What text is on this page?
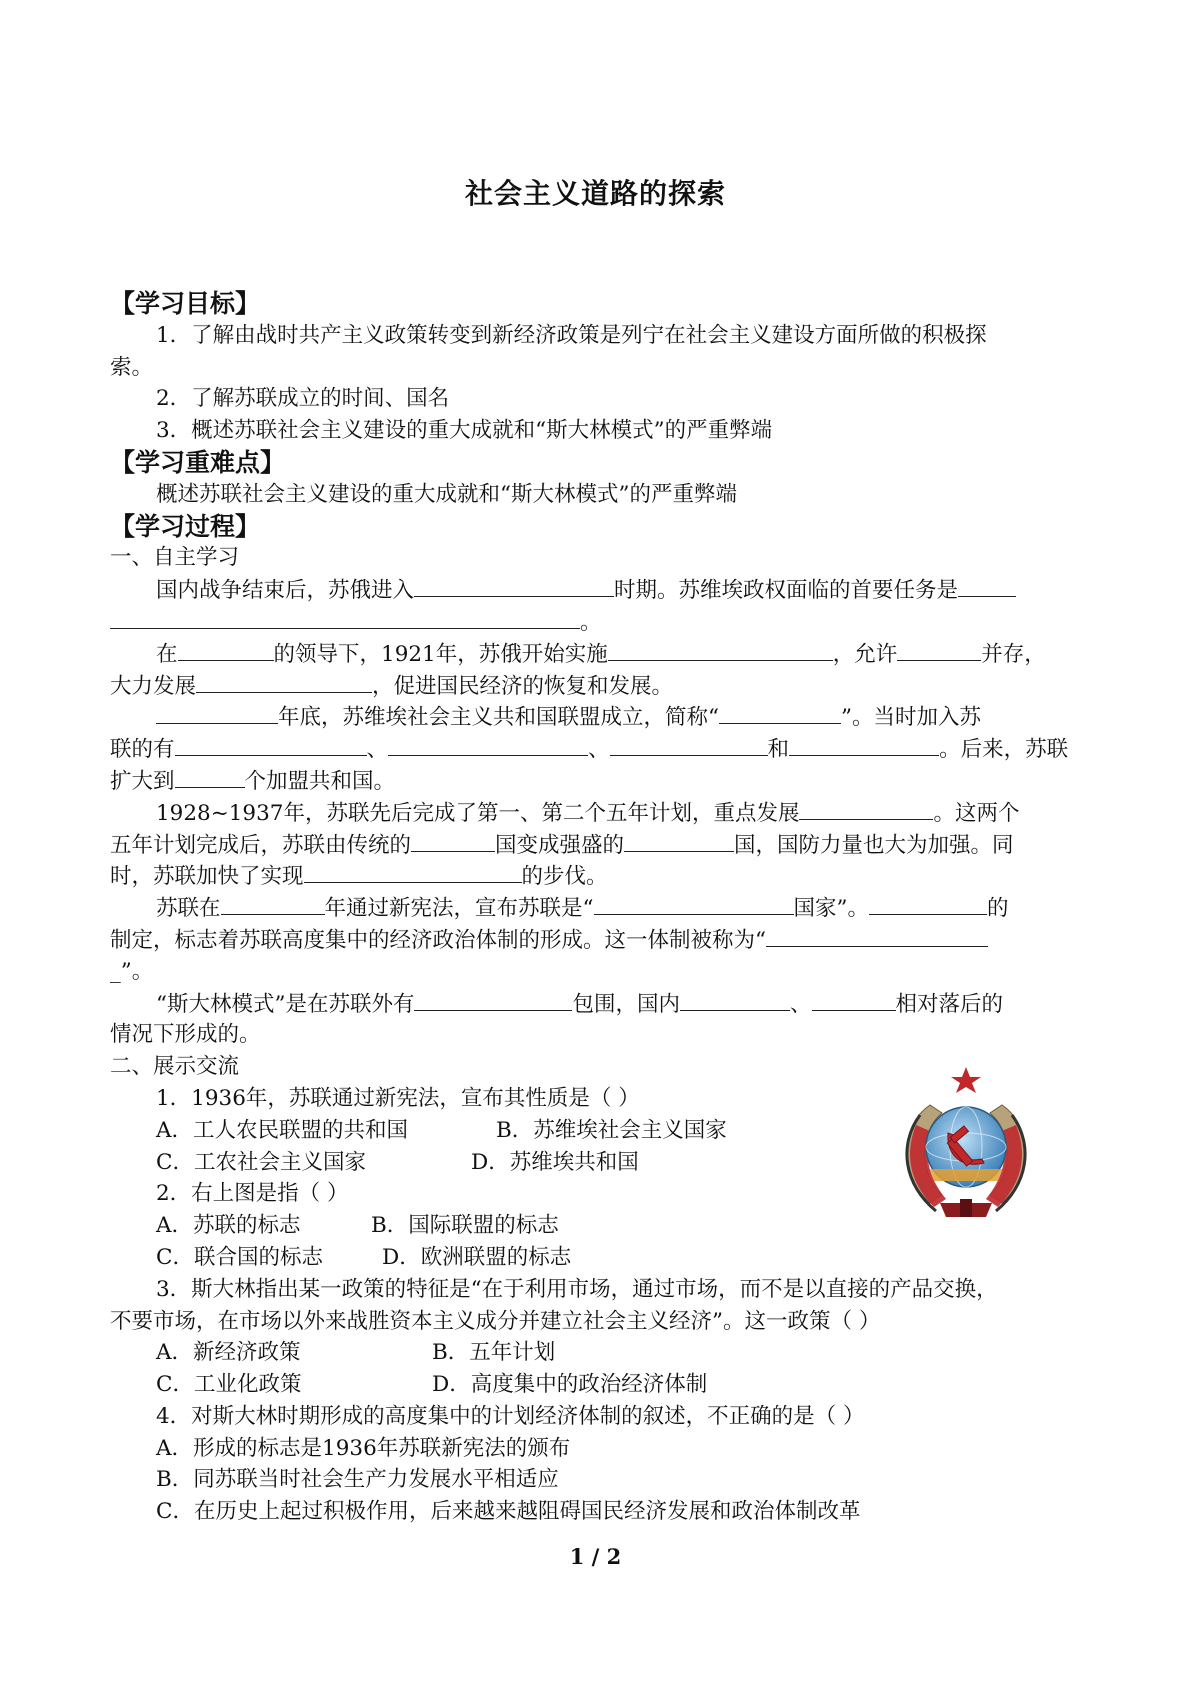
社会主义道路的探索
【学习目标】
1．了解由战时共产主义政策转变到新经济政策是列宁在社会主义建设方面所做的积极探
索。
2．了解苏联成立的时间、国名
3．概述苏联社会主义建设的重大成就和“斯大林模式”的严重弊端
【学习重难点】
概述苏联社会主义建设的重大成就和“斯大林模式”的严重弊端
【学习过程】
一、自主学习
国内战争结束后，苏俄进入	时期。苏维埃政权面临的首要任务是
。
在	的领导下，1921年，苏俄开始实施	，允许	并存，
大力发展	，促进国民经济的恢复和发展。
年底，苏维埃社会主义共和国联盟成立，简称“	”。当时加入苏
联的有	、	、	和	。后来，苏联
扩大到	个加盟共和国。
1928~1937年，苏联先后完成了第一、第二个五年计划，重点发展	。这两个
五年计划完成后，苏联由传统的	国变成强盛的	国，国防力量也大为加强。同
时，苏联加快了实现	的步伐。
苏联在	年通过新宪法，宣布苏联是“	国家”。	的
制定，标志着苏联高度集中的经济政治体制的形成。这一体制被称为“
_”。
“斯大林模式”是在苏联外有	包围，国内	、	相对落后的
情况下形成的。
二、展示交流
1．1936年，苏联通过新宪法，宣布其性质是（ ）
A．工人农民联盟的共和国	B．苏维埃社会主义国家
C．工农社会主义国家	D．苏维埃共和国
2．右上图是指（ ）
A．苏联的标志	B．国际联盟的标志
C．联合国的标志	D．欧洲联盟的标志
3．斯大林指出某一政策的特征是“在于利用市场，通过市场，而不是以直接的产品交换，
不要市场，在市场以外来战胜资本主义成分并建立社会主义经济”。这一政策（ ）
A．新经济政策	B．五年计划
C．工业化政策	D．高度集中的政治经济体制
4．对斯大林时期形成的高度集中的计划经济体制的叙述，不正确的是（ ）
A．形成的标志是1936年苏联新宪法的颁布
B．同苏联当时社会生产力发展水平相适应
C．在历史上起过积极作用，后来越来越阻碍国民经济发展和政治体制改革
1 / 2
